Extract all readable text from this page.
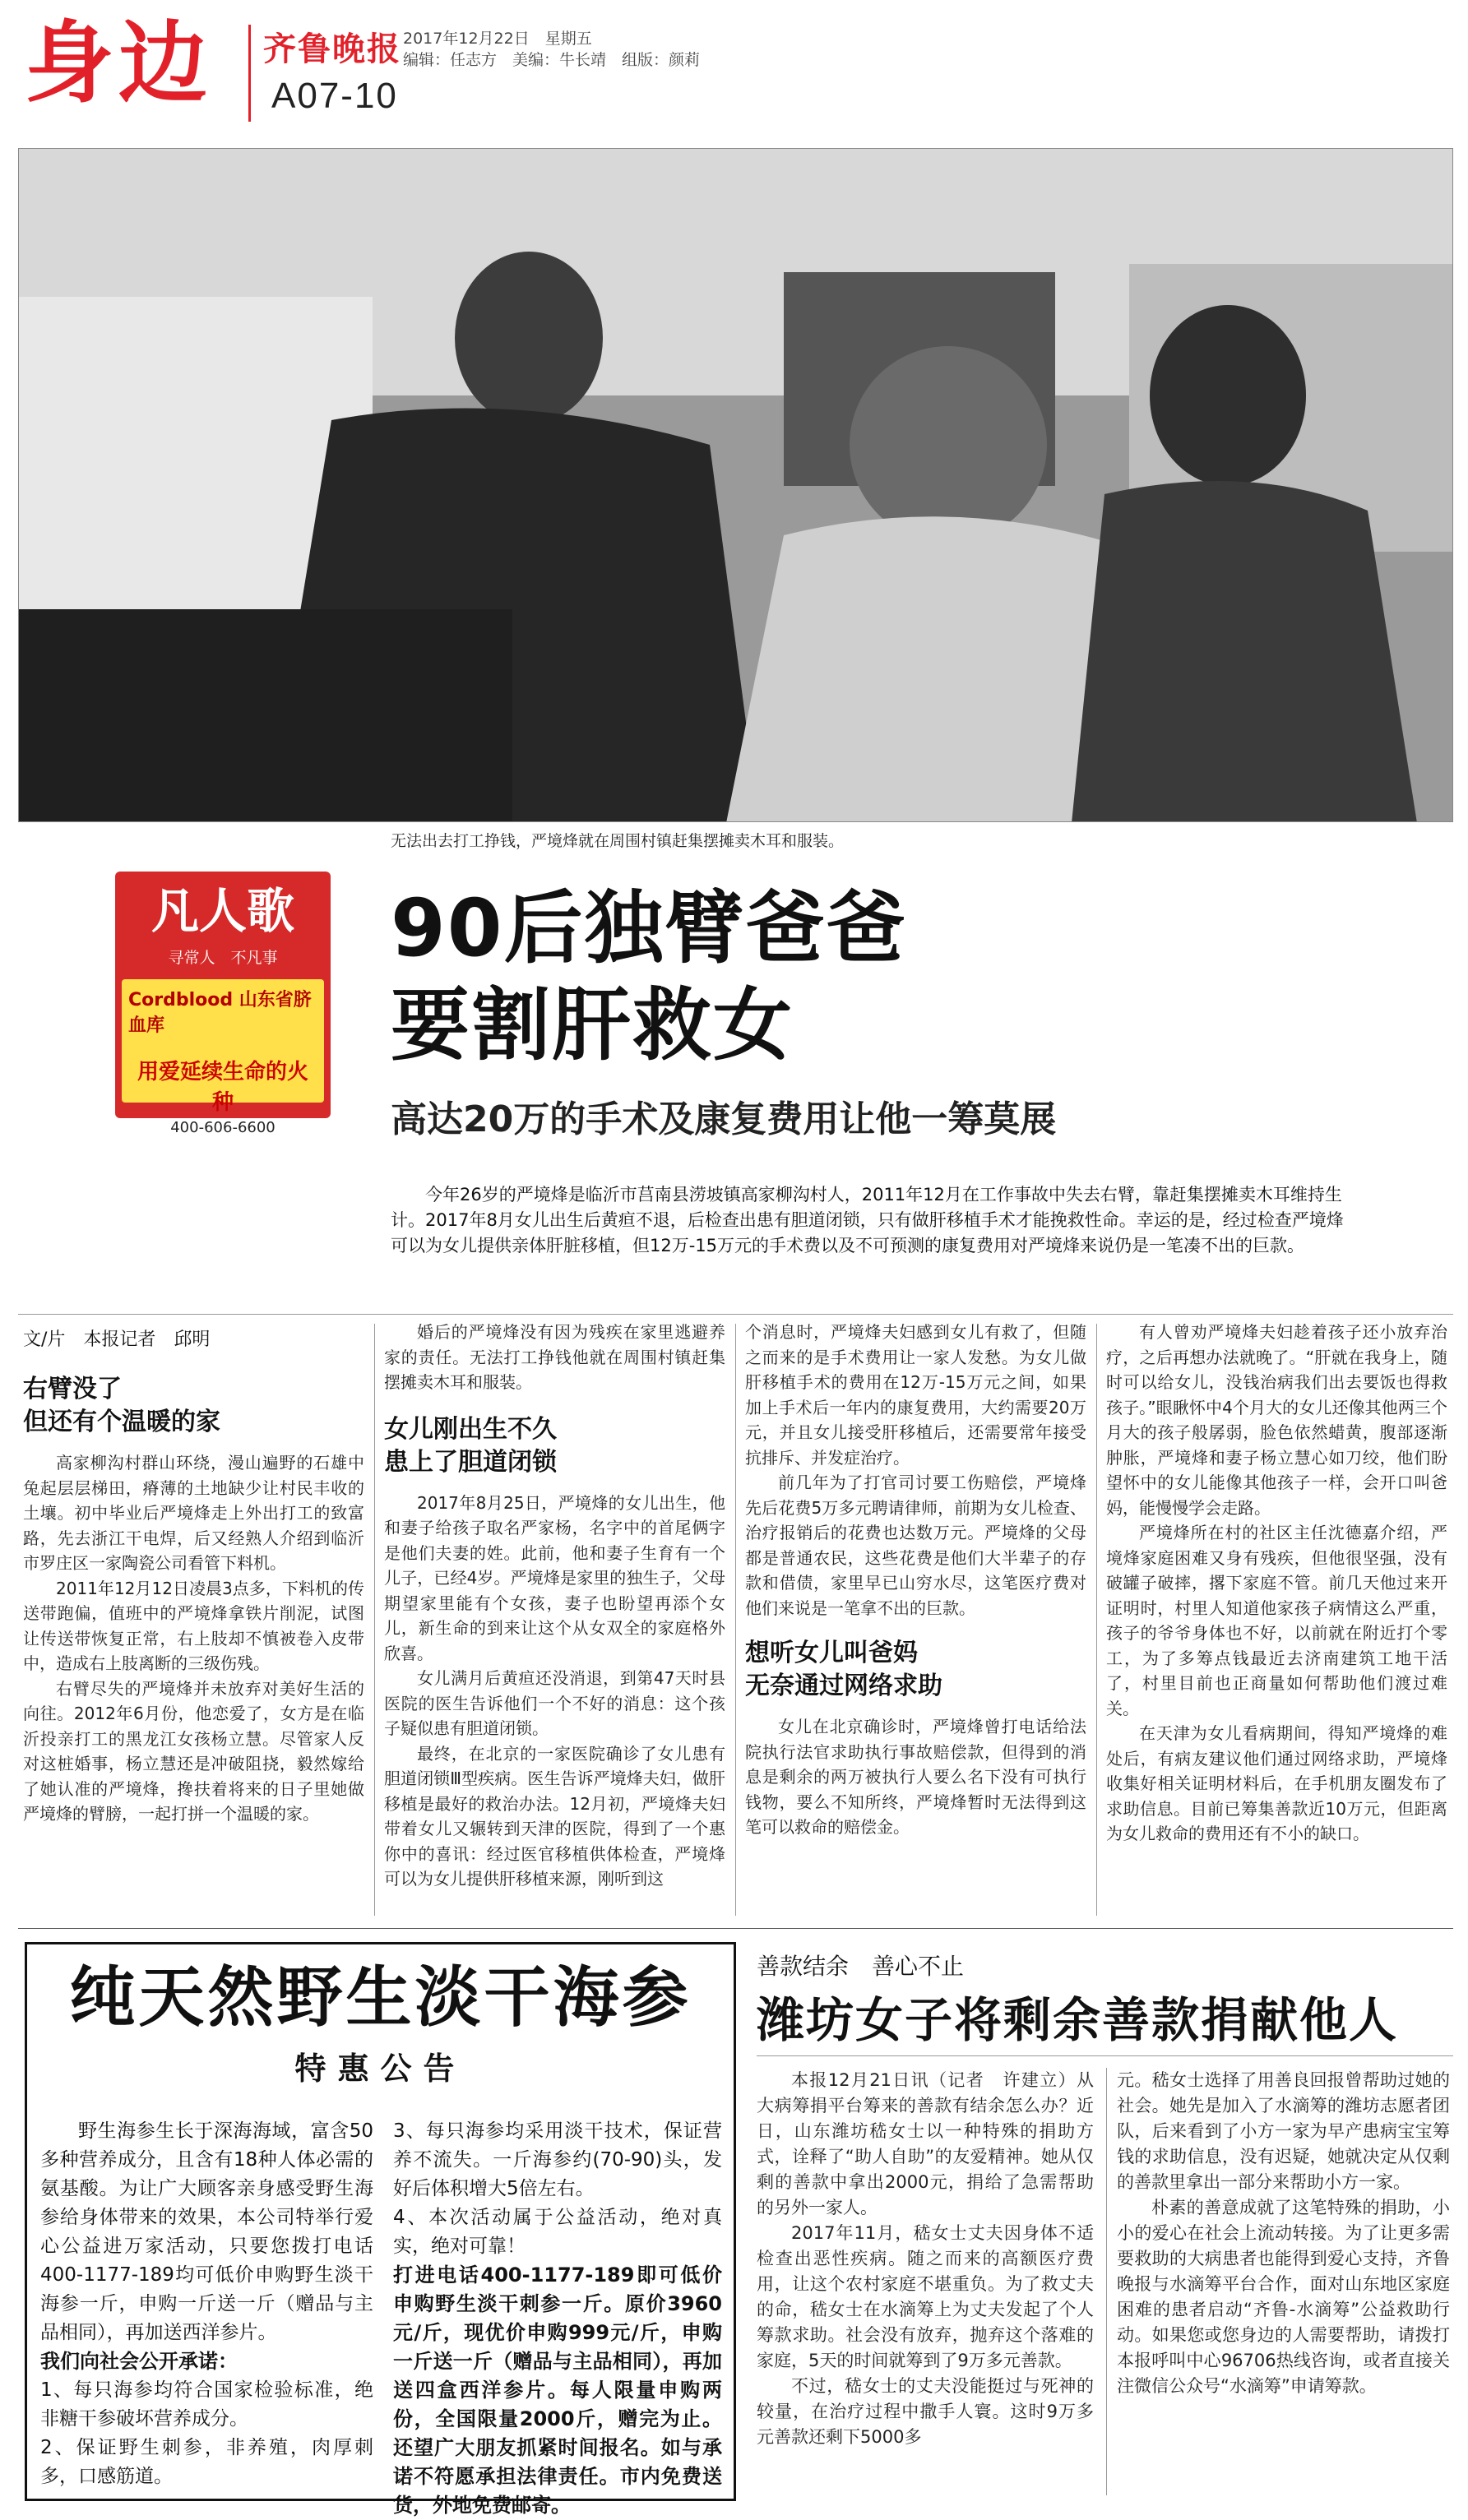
身边 齐鲁晚报 2017年12月22日　星期五
编辑：任志方　美编：牛长靖　组版：颜莉
A07-10
无法出去打工挣钱，严境烽就在周围村镇赶集摆摊卖木耳和服装。
凡人歌
寻常人　不凡事
Cordblood 山东省脐血库
用爱延续生命的火种
400-606-6600
90后独臂爸爸
要割肝救女
高达20万的手术及康复费用让他一筹莫展
今年26岁的严境烽是临沂市莒南县涝坡镇高家柳沟村人，2011年12月在工作事故中失去右臂，靠赶集摆摊卖木耳维持生计。2017年8月女儿出生后黄疸不退，后检查出患有胆道闭锁，只有做肝移植手术才能挽救性命。幸运的是，经过检查严境烽可以为女儿提供亲体肝脏移植，但12万-15万元的手术费以及不可预测的康复费用对严境烽来说仍是一笔凑不出的巨款。
文/片　本报记者　邱明
右臂没了
但还有个温暖的家

高家柳沟村群山环绕，漫山遍野的石雄中兔起层层梯田，瘠薄的土地缺少让村民丰收的土壤。初中毕业后严境烽走上外出打工的致富路，先去浙江干电焊，后又经熟人介绍到临沂市罗庄区一家陶瓷公司看管下料机。

2011年12月12日凌晨3点多，下料机的传送带跑偏，值班中的严境烽拿铁片削泥，试图让传送带恢复正常，右上肢却不慎被卷入皮带中，造成右上肢离断的三级伤残。

右臂尽失的严境烽并未放弃对美好生活的向往。2012年6月份，他恋爱了，女方是在临沂投亲打工的黑龙江女孩杨立慧。尽管家人反对这桩婚事，杨立慧还是冲破阻挠，毅然嫁给了她认准的严境烽，搀扶着将来的日子里她做严境烽的臂膀，一起打拼一个温暖的家。

婚后的严境烽没有因为残疾在家里逃避养家的责任。无法打工挣钱他就在周围村镇赶集摆摊卖木耳和服装。

女儿刚出生不久
患上了胆道闭锁

2017年8月25日，严境烽的女儿出生，他和妻子给孩子取名严家杨，名字中的首尾俩字是他们夫妻的姓。此前，他和妻子生育有一个儿子，已经4岁。严境烽是家里的独生子，父母期望家里能有个女孩，妻子也盼望再添个女儿，新生命的到来让这个从女双全的家庭格外欣喜。

女儿满月后黄疸还没消退，到第47天时县医院的医生告诉他们一个不好的消息：这个孩子疑似患有胆道闭锁。

最终，在北京的一家医院确诊了女儿患有胆道闭锁Ⅲ型疾病。医生告诉严境烽夫妇，做肝移植是最好的救治办法。12月初，严境烽夫妇带着女儿又辗转到天津的医院，得到了一个惠你中的喜讯：经过医官移植供体检查，严境烽可以为女儿提供肝移植来源，刚听到这

个消息时，严境烽夫妇感到女儿有救了，但随之而来的是手术费用让一家人发愁。为女儿做肝移植手术的费用在12万-15万元之间，如果加上手术后一年内的康复费用，大约需要20万元，并且女儿接受肝移植后，还需要常年接受抗排斥、并发症治疗。

前几年为了打官司讨要工伤赔偿，严境烽先后花费5万多元聘请律师，前期为女儿检查、治疗报销后的花费也达数万元。严境烽的父母都是普通农民，这些花费是他们大半辈子的存款和借债，家里早已山穷水尽，这笔医疗费对他们来说是一笔拿不出的巨款。

想听女儿叫爸妈
无奈通过网络求助

女儿在北京确诊时，严境烽曾打电话给法院执行法官求助执行事故赔偿款，但得到的消息是剩余的两万被执行人要么名下没有可执行钱物，要么不知所终，严境烽暂时无法得到这笔可以救命的赔偿金。

有人曾劝严境烽夫妇趁着孩子还小放弃治疗，之后再想办法就晚了。“肝就在我身上，随时可以给女儿，没钱治病我们出去要饭也得救孩子。”眼瞅怀中4个月大的女儿还像其他两三个月大的孩子般孱弱，脸色依然蜡黄，腹部逐渐肿胀，严境烽和妻子杨立慧心如刀绞，他们盼望怀中的女儿能像其他孩子一样，会开口叫爸妈，能慢慢学会走路。

严境烽所在村的社区主任沈德嘉介绍，严境烽家庭困难又身有残疾，但他很坚强，没有破罐子破摔，撂下家庭不管。前几天他过来开证明时，村里人知道他家孩子病情这么严重，孩子的爷爷身体也不好，以前就在附近打个零工，为了多筹点钱最近去济南建筑工地干活了，村里目前也正商量如何帮助他们渡过难关。

在天津为女儿看病期间，得知严境烽的难处后，有病友建议他们通过网络求助，严境烽收集好相关证明材料后，在手机朋友圈发布了求助信息。目前已筹集善款近10万元，但距离为女儿救命的费用还有不小的缺口。

纯天然野生淡干海参
特惠公告

野生海参生长于深海海域，富含50多种营养成分，且含有18种人体必需的氨基酸。为让广大顾客亲身感受野生海参给身体带来的效果，本公司特举行爱心公益进万家活动，只要您拨打电话400-1177-189均可低价申购野生淡干海参一斤，申购一斤送一斤（赠品与主品相同），再加送西洋参片。

我们向社会公开承诺：
1、每只海参均符合国家检验标准，绝非糖干参破坏营养成分。
2、保证野生刺参，非养殖，肉厚刺多，口感筋道。
3、每只海参均采用淡干技术，保证营养不流失。一斤海参约(70-90)头，发好后体积增大5倍左右。
4、本次活动属于公益活动，绝对真实，绝对可靠！
打进电话400-1177-189即可低价申购野生淡干刺参一斤。原价3960元/斤，现优价申购999元/斤，申购一斤送一斤（赠品与主品相同），再加送四盒西洋参片。每人限量申购两份，全国限量2000斤，赠完为止。还望广大朋友抓紧时间报名。如与承诺不符愿承担法律责任。市内免费送货，外地免费邮寄。
善款结余　善心不止
潍坊女子将剩余善款捐献他人

本报12月21日讯（记者　许建立）从大病筹捐平台筹来的善款有结余怎么办？近日，山东潍坊嵇女士以一种特殊的捐助方式，诠释了“助人自助”的友爱精神。她从仅剩的善款中拿出2000元，捐给了急需帮助的另外一家人。

2017年11月，嵇女士丈夫因身体不适检查出恶性疾病。随之而来的高额医疗费用，让这个农村家庭不堪重负。为了救丈夫的命，嵇女士在水滴筹上为丈夫发起了个人筹款求助。社会没有放弃，抛弃这个落难的家庭，5天的时间就筹到了9万多元善款。

不过，嵇女士的丈夫没能挺过与死神的较量，在治疗过程中撒手人寰。这时9万多元善款还剩下5000多

元。嵇女士选择了用善良回报曾帮助过她的社会。她先是加入了水滴筹的潍坊志愿者团队，后来看到了小方一家为早产患病宝宝筹钱的求助信息，没有迟疑，她就决定从仅剩的善款里拿出一部分来帮助小方一家。

朴素的善意成就了这笔特殊的捐助，小小的爱心在社会上流动转接。为了让更多需要救助的大病患者也能得到爱心支持，齐鲁晚报与水滴筹平台合作，面对山东地区家庭困难的患者启动“齐鲁-水滴筹”公益救助行动。如果您或您身边的人需要帮助，请拨打本报呼叫中心96706热线咨询，或者直接关注微信公众号“水滴筹”申请筹款。
